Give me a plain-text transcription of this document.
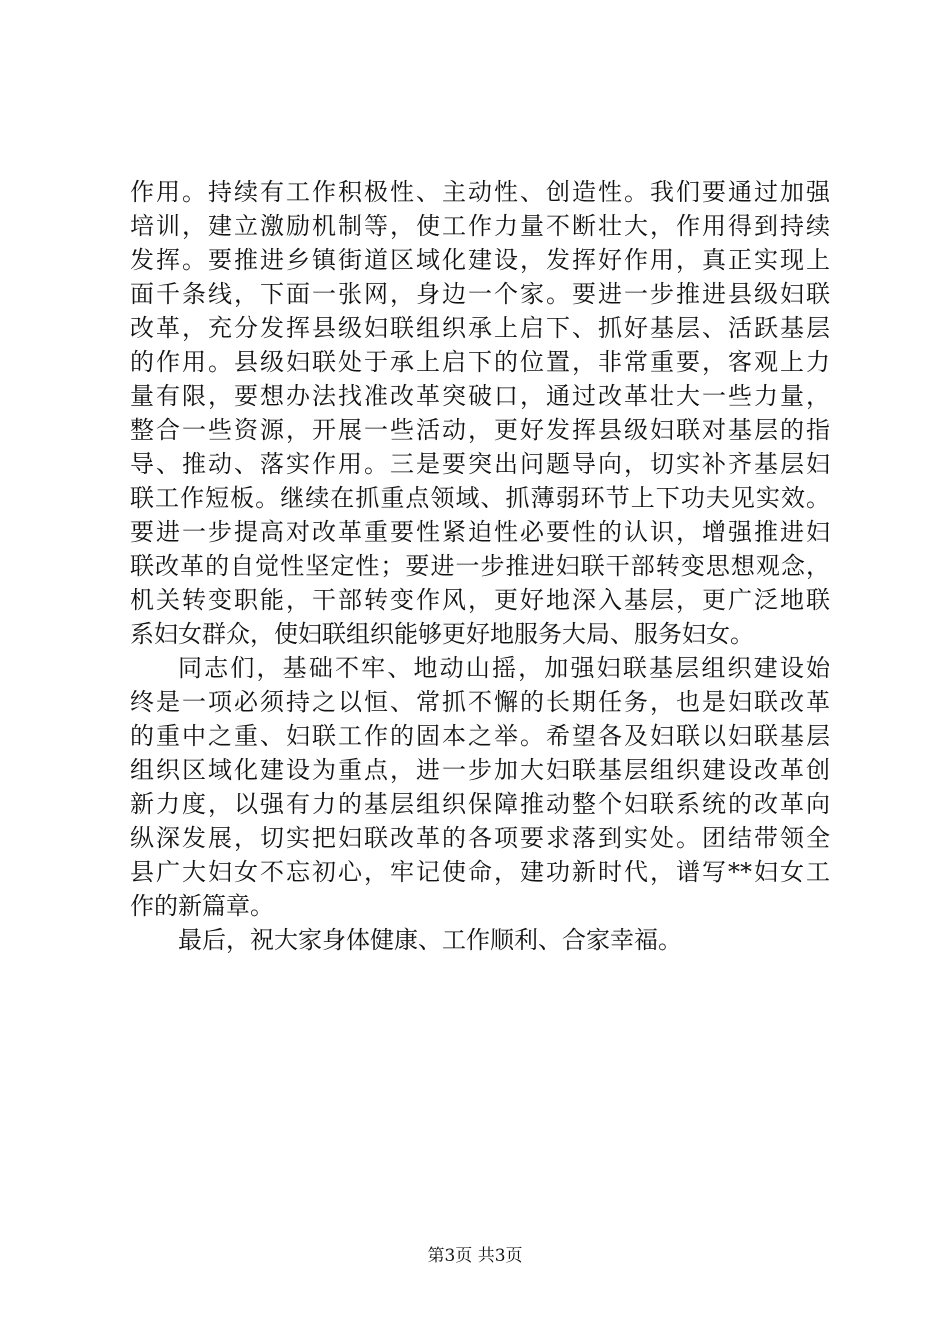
作用。持续有工作积极性、主动性、创造性。我们要通过加强
培训，建立激励机制等，使工作力量不断壮大，作用得到持续
发挥。要推进乡镇街道区域化建设，发挥好作用，真正实现上
面千条线，下面一张网，身边一个家。要进一步推进县级妇联
改革，充分发挥县级妇联组织承上启下、抓好基层、活跃基层
的作用。县级妇联处于承上启下的位置，非常重要，客观上力
量有限，要想办法找准改革突破口，通过改革壮大一些力量，
整合一些资源，开展一些活动，更好发挥县级妇联对基层的指
导、推动、落实作用。三是要突出问题导向，切实补齐基层妇
联工作短板。继续在抓重点领域、抓薄弱环节上下功夫见实效。
要进一步提高对改革重要性紧迫性必要性的认识，增强推进妇
联改革的自觉性坚定性；要进一步推进妇联干部转变思想观念，
机关转变职能，干部转变作风，更好地深入基层，更广泛地联
系妇女群众，使妇联组织能够更好地服务大局、服务妇女。
同志们，基础不牢、地动山摇，加强妇联基层组织建设始
终是一项必须持之以恒、常抓不懈的长期任务，也是妇联改革
的重中之重、妇联工作的固本之举。希望各及妇联以妇联基层
组织区域化建设为重点，进一步加大妇联基层组织建设改革创
新力度，以强有力的基层组织保障推动整个妇联系统的改革向
纵深发展，切实把妇联改革的各项要求落到实处。团结带领全
县广大妇女不忘初心，牢记使命，建功新时代，谱写**妇女工
作的新篇章。
最后，祝大家身体健康、工作顺利、合家幸福。
第3页 共3页
